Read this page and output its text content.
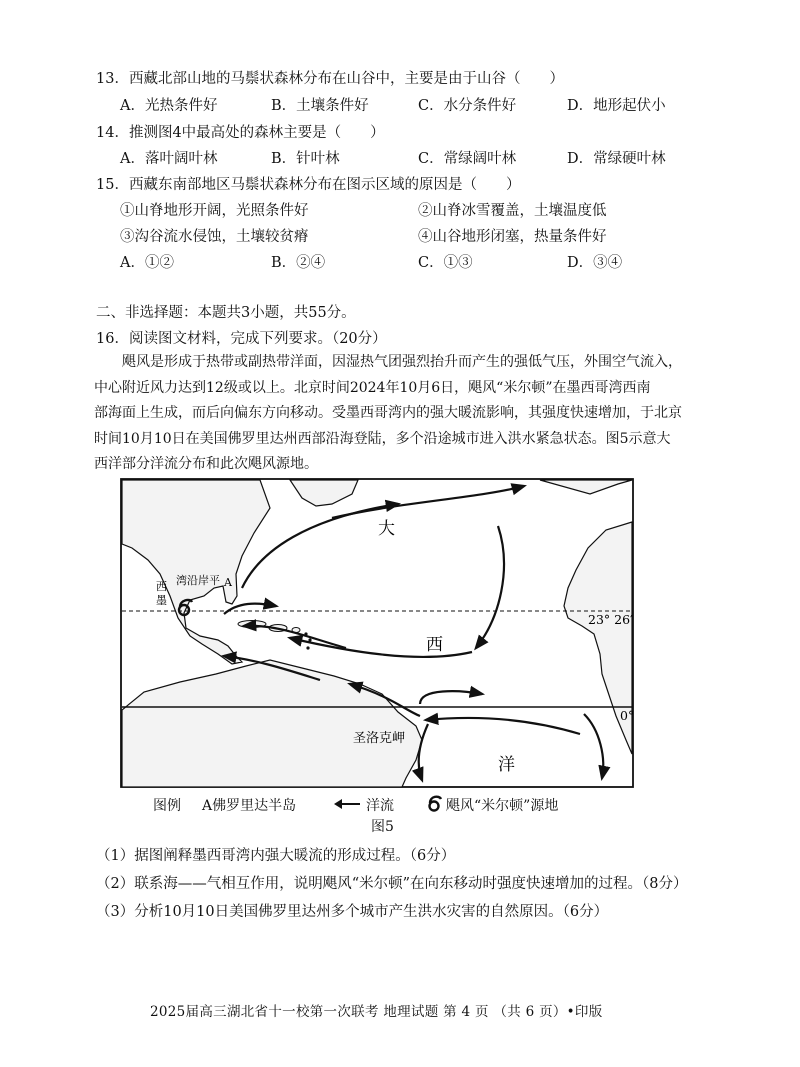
13．西藏北部山地的马鬃状森林分布在山谷中，主要是由于山谷（　　）
A．光热条件好	B．土壤条件好	C．水分条件好	D．地形起伏小
14．推测图4中最高处的森林主要是（　　）
A．落叶阔叶林	B．针叶林	C．常绿阔叶林	D．常绿硬叶林
15．西藏东南部地区马鬃状森林分布在图示区域的原因是（　　）
①山脊地形开阔，光照条件好	②山脊冰雪覆盖，土壤温度低
③沟谷流水侵蚀，土壤较贫瘠	④山谷地形闭塞，热量条件好
A．①②	B．②④	C．①③	D．③④
二、非选择题：本题共3小题，共55分。
16．阅读图文材料，完成下列要求。（20分）
飓风是形成于热带或副热带洋面，因湿热气团强烈抬升而产生的强低气压，外围空气流入，
中心附近风力达到12级或以上。北京时间2024年10月6日，飓风“米尔顿”在墨西哥湾西南
部海面上生成，而后向偏东方向移动。受墨西哥湾内的强大暖流影响，其强度快速增加，于北京
时间10月10日在美国佛罗里达州西部沿海登陆，多个沿途城市进入洪水紧急状态。图5示意大
西洋部分洋流分布和此次飓风源地。
大
西
洋
23° 26′
0°
圣洛克岬
湾沿岸平
西
墨
A
图例 A佛罗里达半岛	洋流	飓风“米尔顿”源地
图5
（1）据图阐释墨西哥湾内强大暖流的形成过程。（6分）
（2）联系海——气相互作用，说明飓风“米尔顿”在向东移动时强度快速增加的过程。（8分）
（3）分析10月10日美国佛罗里达州多个城市产生洪水灾害的自然原因。（6分）
2025届高三湖北省十一校第一次联考 地理试题 第 4 页 （共 6 页）•印版
